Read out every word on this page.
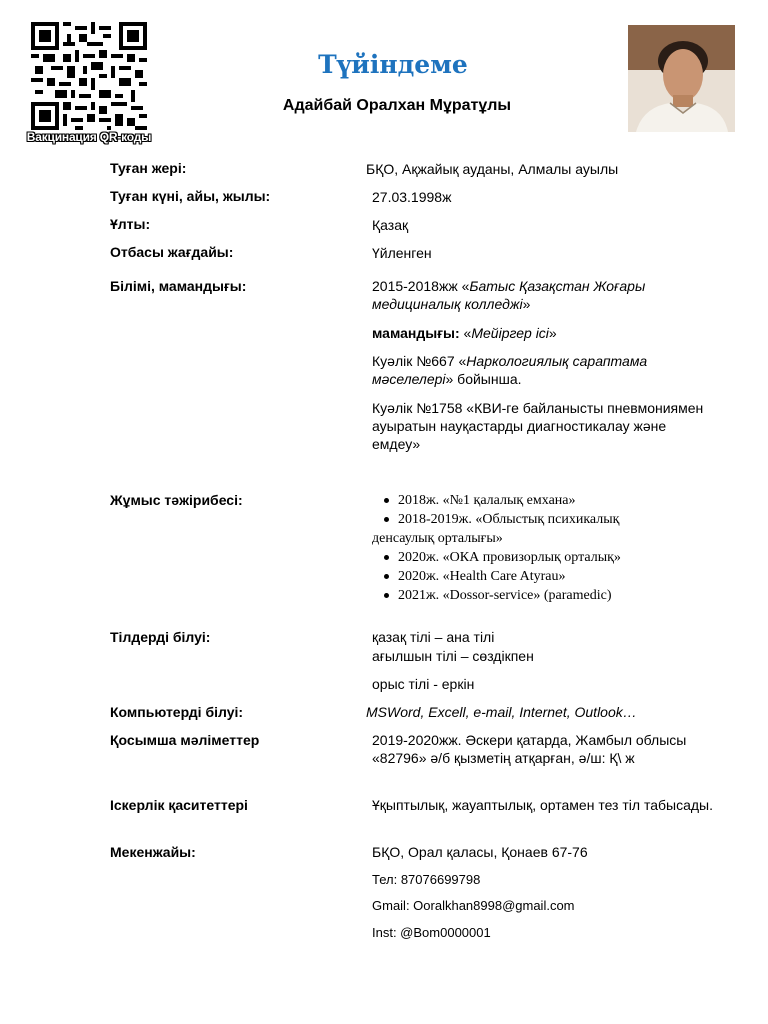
Вакцинация QR-коды
Түйіндеме
Адайбай Оралхан Мұратұлы
Туған жері:	БҚО, Ақжайық ауданы, Алмалы ауылы
Туған күні, айы, жылы:	27.03.1998ж
Ұлты:	Қазақ
Отбасы жағдайы:	Үйленген
Білімі, мамандығы:	2015-2018жж «Батыс Қазақстан Жоғары медициналық колледжі»
мамандығы: «Мейіргер ісі»
Куәлік №667 «Наркологиялық сараптама мәселелері» бойынша.
Куәлік №1758 «КВИ-ге байланысты пневмониямен ауыратын науқастарды диагностикалау және емдеу»
Жұмыс тәжірибесі:	2018ж. «№1 қалалық емхана»
2018-2019ж. «Облыстық психикалық денсаулық орталығы»
2020ж. «ОКА провизорлық орталық»
2020ж. «Health Care Atyrau»
2021ж. «Dossor-service» (paramedic)
Тілдерді білуі:	қазақ тілі – ана тілі
ағылшын тілі – сөздікпен
орыс тілі - еркін
Компьютерді білуі:	MSWord, Excell, e-mail, Internet, Outlook…
Қосымша мәліметтер	2019-2020жж. Әскери қатарда, Жамбыл облысы «82796» ә/б қызметің атқарған, ә/ш: Қ\ ж
Іскерлік қаситеттері	Ұқыптылық, жауаптылық, ортамен тез тіл табысады.
Мекенжайы:	БҚО, Орал қаласы, Қонаев 67-76
Тел: 87076699798
Gmail: Ooralkhan8998@gmail.com
Inst: @Bom0000001
